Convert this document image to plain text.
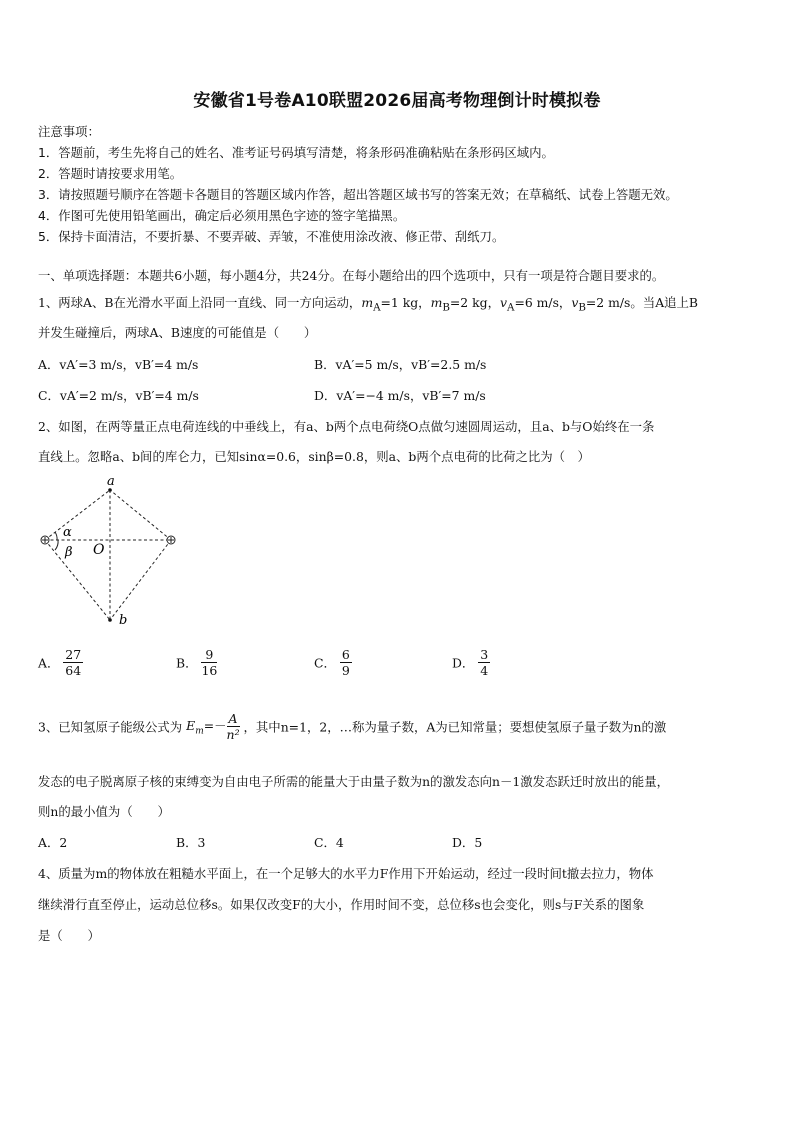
安徽省1号卷A10联盟2026届高考物理倒计时模拟卷
注意事项：
1．答题前，考生先将自己的姓名、准考证号码填写清楚，将条形码准确粘贴在条形码区域内。
2．答题时请按要求用笔。
3．请按照题号顺序在答题卡各题目的答题区域内作答，超出答题区域书写的答案无效；在草稿纸、试卷上答题无效。
4．作图可先使用铅笔画出，确定后必须用黑色字迹的签字笔描黑。
5．保持卡面清洁，不要折暴、不要弄破、弄皱，不准使用涂改液、修正带、刮纸刀。
一、单项选择题：本题共6小题，每小题4分，共24分。在每小题给出的四个选项中，只有一项是符合题目要求的。
1、两球A、B在光滑水平面上沿同一直线、同一方向运动，$m_A=1$ kg，$m_B=2$ kg，$v_A=6$ m/s，$v_B=2$ m/s。当A追上B
并发生碰撞后，两球A、B速度的可能值是（　　）
A．vA′=3 m/s，vB′=4 m/s	B．vA′=5 m/s，vB′=2.5 m/s
C．vA′=2 m/s，vB′=4 m/s	D．vA′=−4 m/s，vB′=7 m/s
2、如图，在两等量正点电荷连线的中垂线上，有a、b两个点电荷绕O点做匀速圆周运动，且a、b与O始终在一条
直线上。忽略a、b间的库仑力，已知sinα=0.6，sinβ=0.8，则a、b两个点电荷的比荷之比为（　）
a
b
O
α
β
A． $\frac{27}{64}$	B． $\frac{9}{16}$	C． $\frac{6}{9}$	D． $\frac{3}{4}$
3、已知氢原子能级公式为 $E_m=- \frac{A}{\text{n²}}$ ，其中n=1，2，…称为量子数，A为已知常量；要想使氢原子量子数为n的激
发态的电子脱离原子核的束缚变为自由电子所需的能量大于由量子数为n的激发态向n－1激发态跃迁时放出的能量，
则n的最小值为（　　）
A．2	B．3	C．4	D．5
4、质量为m的物体放在粗糙水平面上，在一个足够大的水平力F作用下开始运动，经过一段时间t撤去拉力，物体
继续滑行直至停止，运动总位移s。如果仅改变F的大小，作用时间不变，总位移s也会变化，则s与F关系的图象
是（　　）
